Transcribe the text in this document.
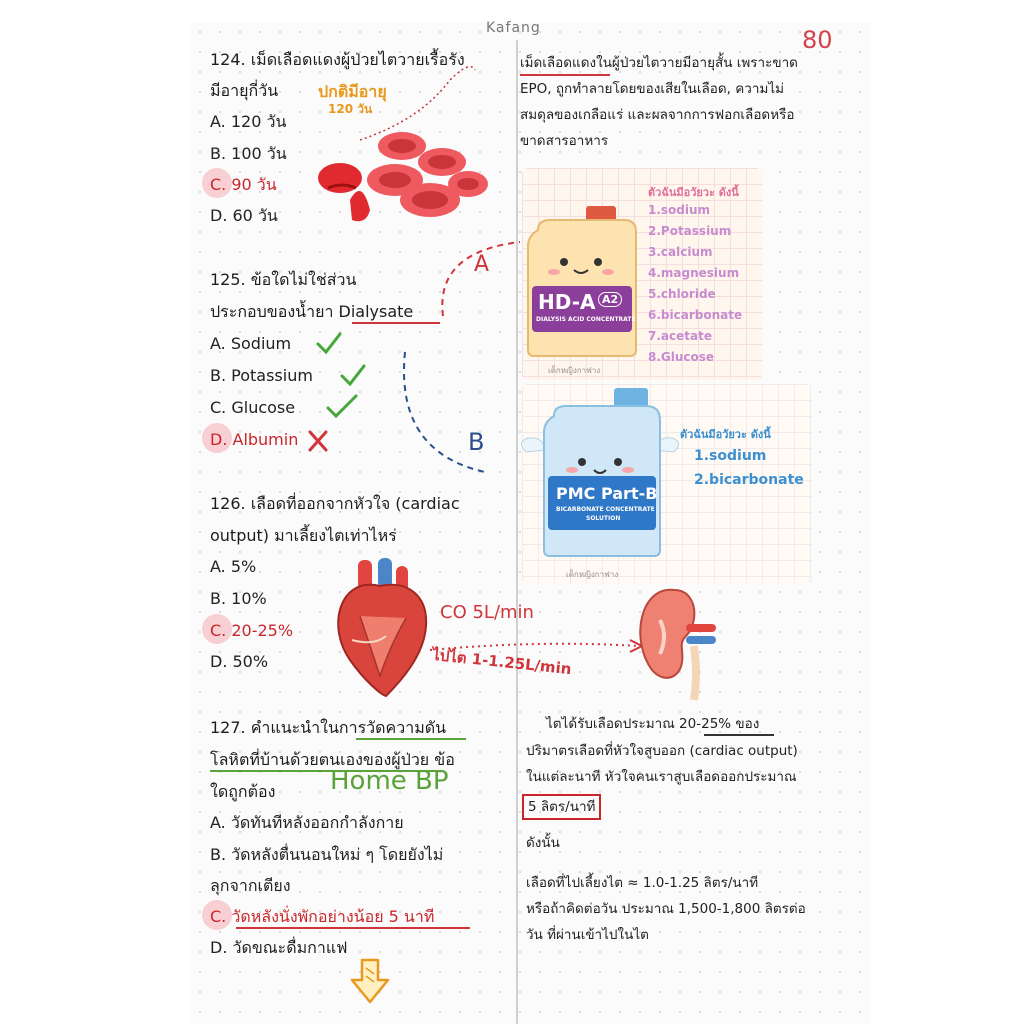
Kafang	80
124. เม็ดเลือดแดงผู้ป่วยไตวายเรื้อรัง
มีอายุกี่วัน
A. 120 วัน
B. 100 วัน
C. 90 วัน
D. 60 วัน
ปกติมีอายุ
120 วัน
เม็ดเลือดแดงในผู้ป่วยไตวายมีอายุสั้น เพราะขาด
EPO, ถูกทำลายโดยของเสียในเลือด, ความไม่
สมดุลของเกลือแร่ และผลจากการฟอกเลือดหรือ
ขาดสารอาหาร
HD-A A2
DIALYSIS ACID CONCENTRATE
เด็กหญิงกาฟาง
ตัวฉันมีอวัยวะ ดังนี้
1.sodium
2.Potassium
3.calcium
4.magnesium
5.chloride
6.bicarbonate
7.acetate
8.Glucose
PMC Part-B
BICARBONATE CONCENTRATE
SOLUTION
เด็กหญิงกาฟาง
ตัวฉันมีอวัยวะ ดังนี้
1.sodium
2.bicarbonate
125. ข้อใดไม่ใช่ส่วน
ประกอบของน้ำยา Dialysate
A. Sodium
B. Potassium
C. Glucose
D. Albumin
A
B
126. เลือดที่ออกจากหัวใจ (cardiac
output) มาเลี้ยงไตเท่าไหร่
A. 5%
B. 10%
C. 20-25%
D. 50%
CO 5L/min
ไปไต 1-1.25L/min
127. คำแนะนำในการวัดความดัน
โลหิตที่บ้านด้วยตนเองของผู้ป่วย ข้อ
ใดถูกต้อง Home BP
A. วัดทันทีหลังออกกำลังกาย
B. วัดหลังตื่นนอนใหม่ ๆ โดยยังไม่
ลุกจากเตียง
C. วัดหลังนั่งพักอย่างน้อย 5 นาที
D. วัดขณะดื่มกาแฟ
ไตได้รับเลือดประมาณ 20-25% ของ
ปริมาตรเลือดที่หัวใจสูบออก (cardiac output)
ในแต่ละนาที หัวใจคนเราสูบเลือดออกประมาณ
5 ลิตร/นาที
ดังนั้น
เลือดที่ไปเลี้ยงไต ≈ 1.0-1.25 ลิตร/นาที
หรือถ้าคิดต่อวัน ประมาณ 1,500-1,800 ลิตรต่อ
วัน ที่ผ่านเข้าไปในไต
